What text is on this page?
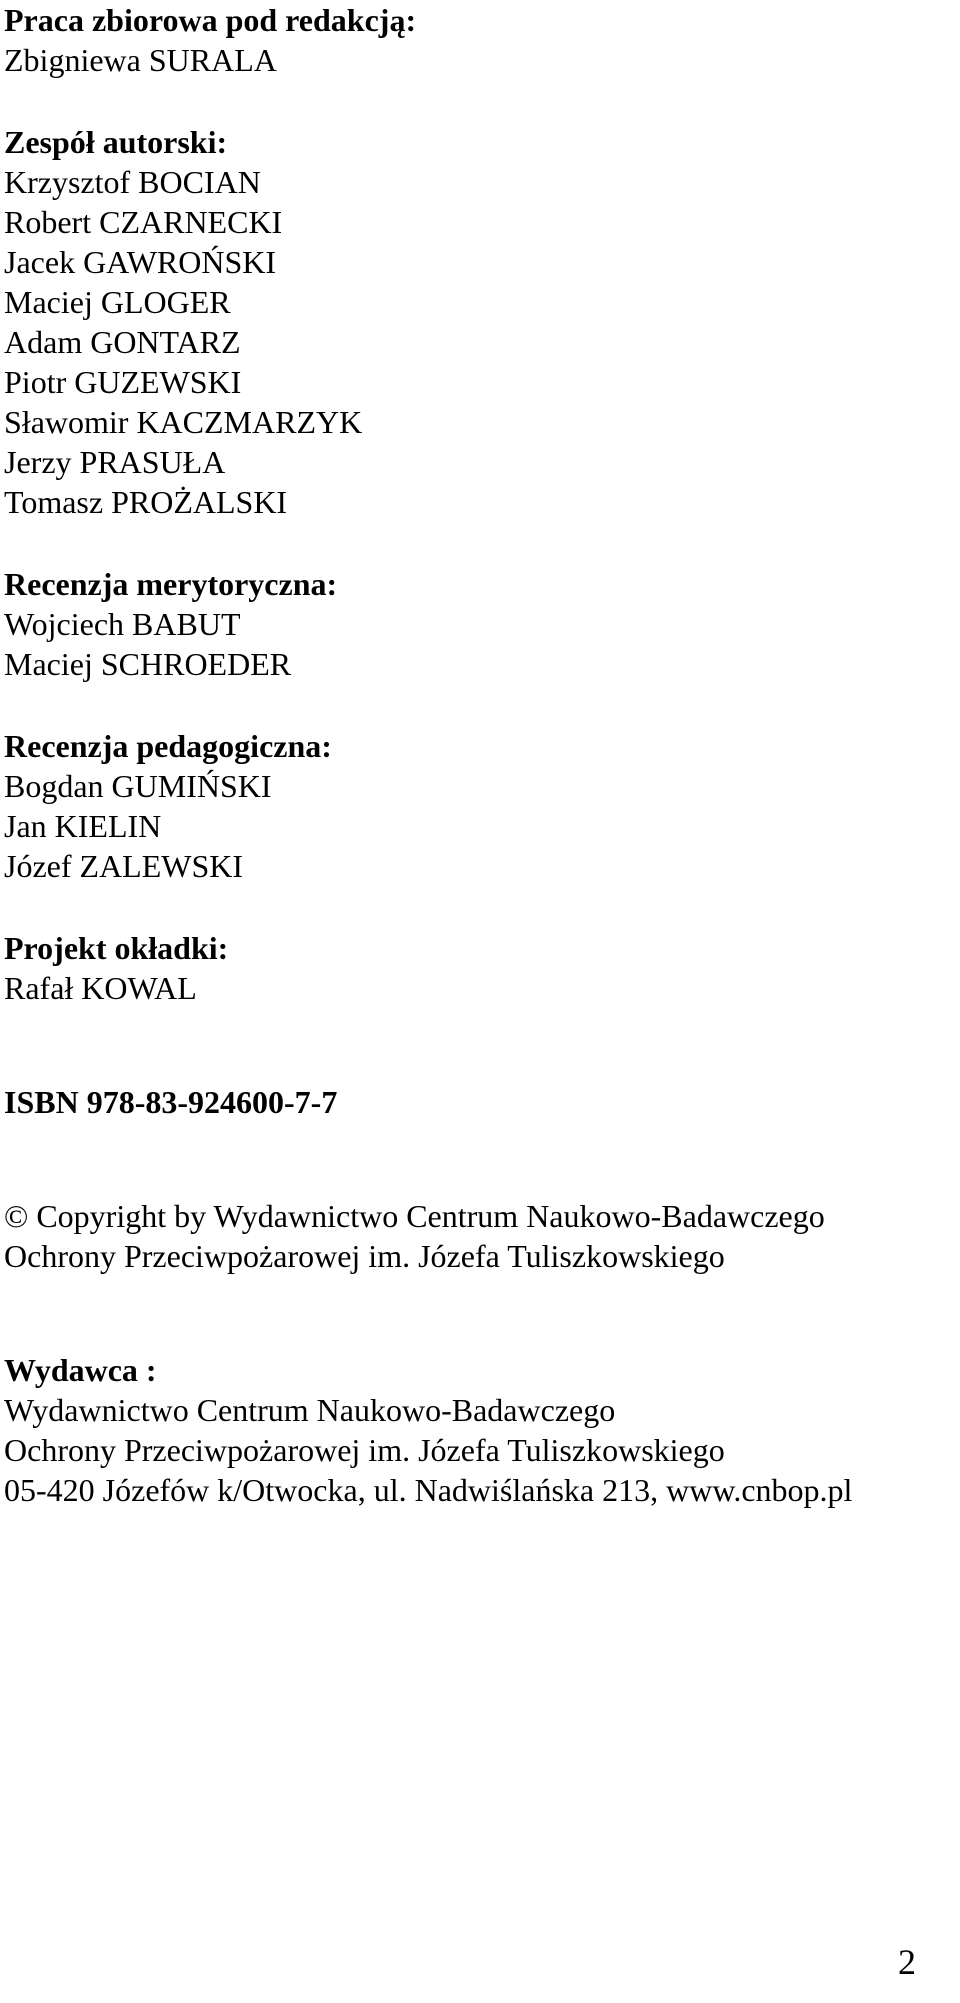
Praca zbiorowa pod redakcją:
Zbigniewa SURALA
Zespół autorski:
Krzysztof BOCIAN
Robert CZARNECKI
Jacek GAWROŃSKI
Maciej GLOGER
Adam GONTARZ
Piotr GUZEWSKI
Sławomir KACZMARZYK
Jerzy PRASUŁA
Tomasz PROŻALSKI
Recenzja merytoryczna:
Wojciech BABUT
Maciej SCHROEDER
Recenzja pedagogiczna:
Bogdan GUMIŃSKI
Jan KIELIN
Józef ZALEWSKI
Projekt okładki:
Rafał KOWAL
ISBN 978-83-924600-7-7
© Copyright by Wydawnictwo Centrum Naukowo-Badawczego
Ochrony Przeciwpożarowej im. Józefa Tuliszkowskiego
Wydawca :
Wydawnictwo Centrum Naukowo-Badawczego
Ochrony Przeciwpożarowej im. Józefa Tuliszkowskiego
05-420 Józefów k/Otwocka, ul. Nadwiślańska 213, www.cnbop.pl
2
